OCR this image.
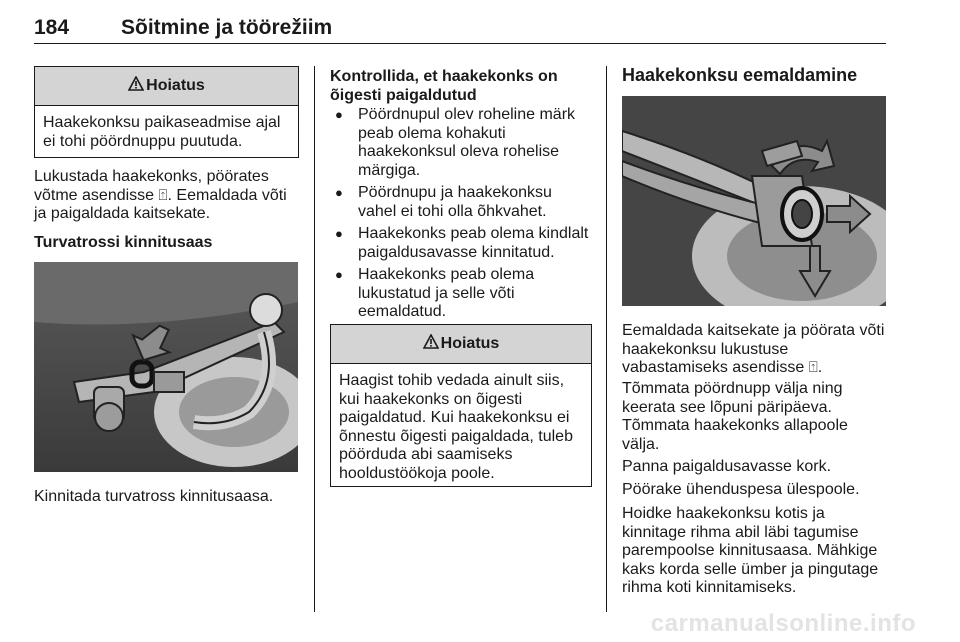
184 Sõitmine ja töörežiim
Hoiatus
Haakekonksu paikaseadmise ajal ei tohi pöördnuppu puutuda.
Lukustada haakekonks, pöörates võtme asendisse ⍐. Eemaldada võti ja paigaldada kaitsekate.
Turvatrossi kinnitusaas
Kinnitada turvatross kinnitusaasa.
Kontrollida, et haakekonks on õigesti paigaldutud
● Pöördnupul olev roheline märk peab olema kohakuti haakekonksul oleva rohelise märgiga.
● Pöördnupu ja haakekonksu vahel ei tohi olla õhkvahet.
● Haakekonks peab olema kindlalt paigaldusavasse kinnitatud.
● Haakekonks peab olema lukustatud ja selle võti eemaldatud.
Hoiatus
Haagist tohib vedada ainult siis, kui haakekonks on õigesti paigaldatud. Kui haakekonksu ei õnnestu õigesti paigaldada, tuleb pöörduda abi saamiseks hooldustöökoja poole.
Haakekonksu eemaldamine
Eemaldada kaitsekate ja pöörata võti haakekonksu lukustuse vabastamiseks asendisse ⍐.
Tõmmata pöördnupp välja ning keerata see lõpuni päripäeva.
Tõmmata haakekonks allapoole välja.
Panna paigaldusavasse kork.
Pöörake ühenduspesa ülespoole.
Hoidke haakekonksu kotis ja kinnitage rihma abil läbi tagumise parempoolse kinnitusaasa. Mähkige kaks korda selle ümber ja pingutage rihma koti kinnitamiseks.
carmanualsonline.info
